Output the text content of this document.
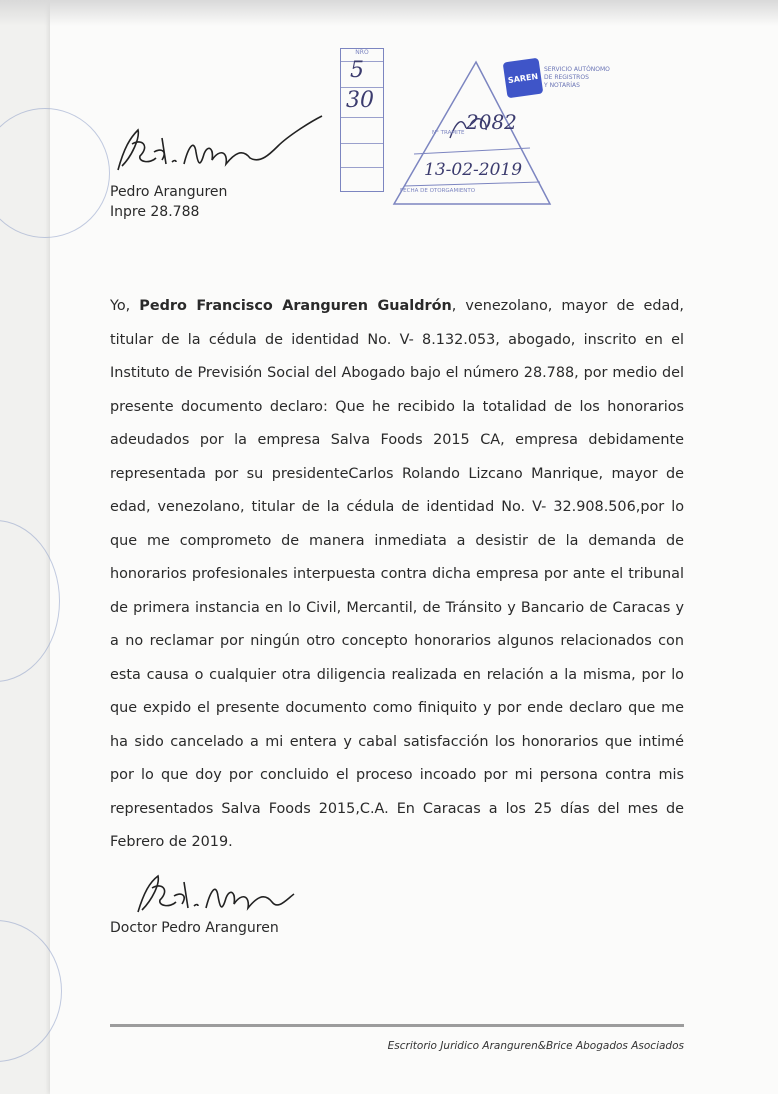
Pedro Aranguren
Inpre 28.788
NRO
5
30
2082
N° TRAMITE
13-02-2019
FECHA DE OTORGAMIENTO
SAREN
SERVICIO AUTÓNOMO
DE REGISTROS
Y NOTARÍAS
Yo, Pedro Francisco Aranguren Gualdrón, venezolano, mayor de edad, titular de la cédula de identidad No. V- 8.132.053, abogado, inscrito en el Instituto de Previsión Social del Abogado bajo el número 28.788, por medio del presente documento declaro: Que he recibido la totalidad de los honorarios adeudados por la empresa Salva Foods 2015 CA, empresa debidamente representada por su presidenteCarlos Rolando Lizcano Manrique, mayor de edad, venezolano, titular de la cédula de identidad No. V- 32.908.506,por lo que me comprometo de manera inmediata a desistir de la demanda de honorarios profesionales interpuesta contra dicha empresa por ante el tribunal de primera instancia en lo Civil, Mercantil, de Tránsito y Bancario de Caracas y a no reclamar por ningún otro concepto honorarios algunos relacionados con esta causa o cualquier otra diligencia realizada en relación a la misma, por lo que expido el presente documento como finiquito y por ende declaro que me ha sido cancelado a mi entera y cabal satisfacción los honorarios que intimé por lo que doy por concluido el proceso incoado por mi persona contra mis representados Salva Foods 2015,C.A. En Caracas a los 25 días del mes de Febrero de 2019.
Doctor Pedro Aranguren
Escritorio Juridico Aranguren&Brice Abogados Asociados
